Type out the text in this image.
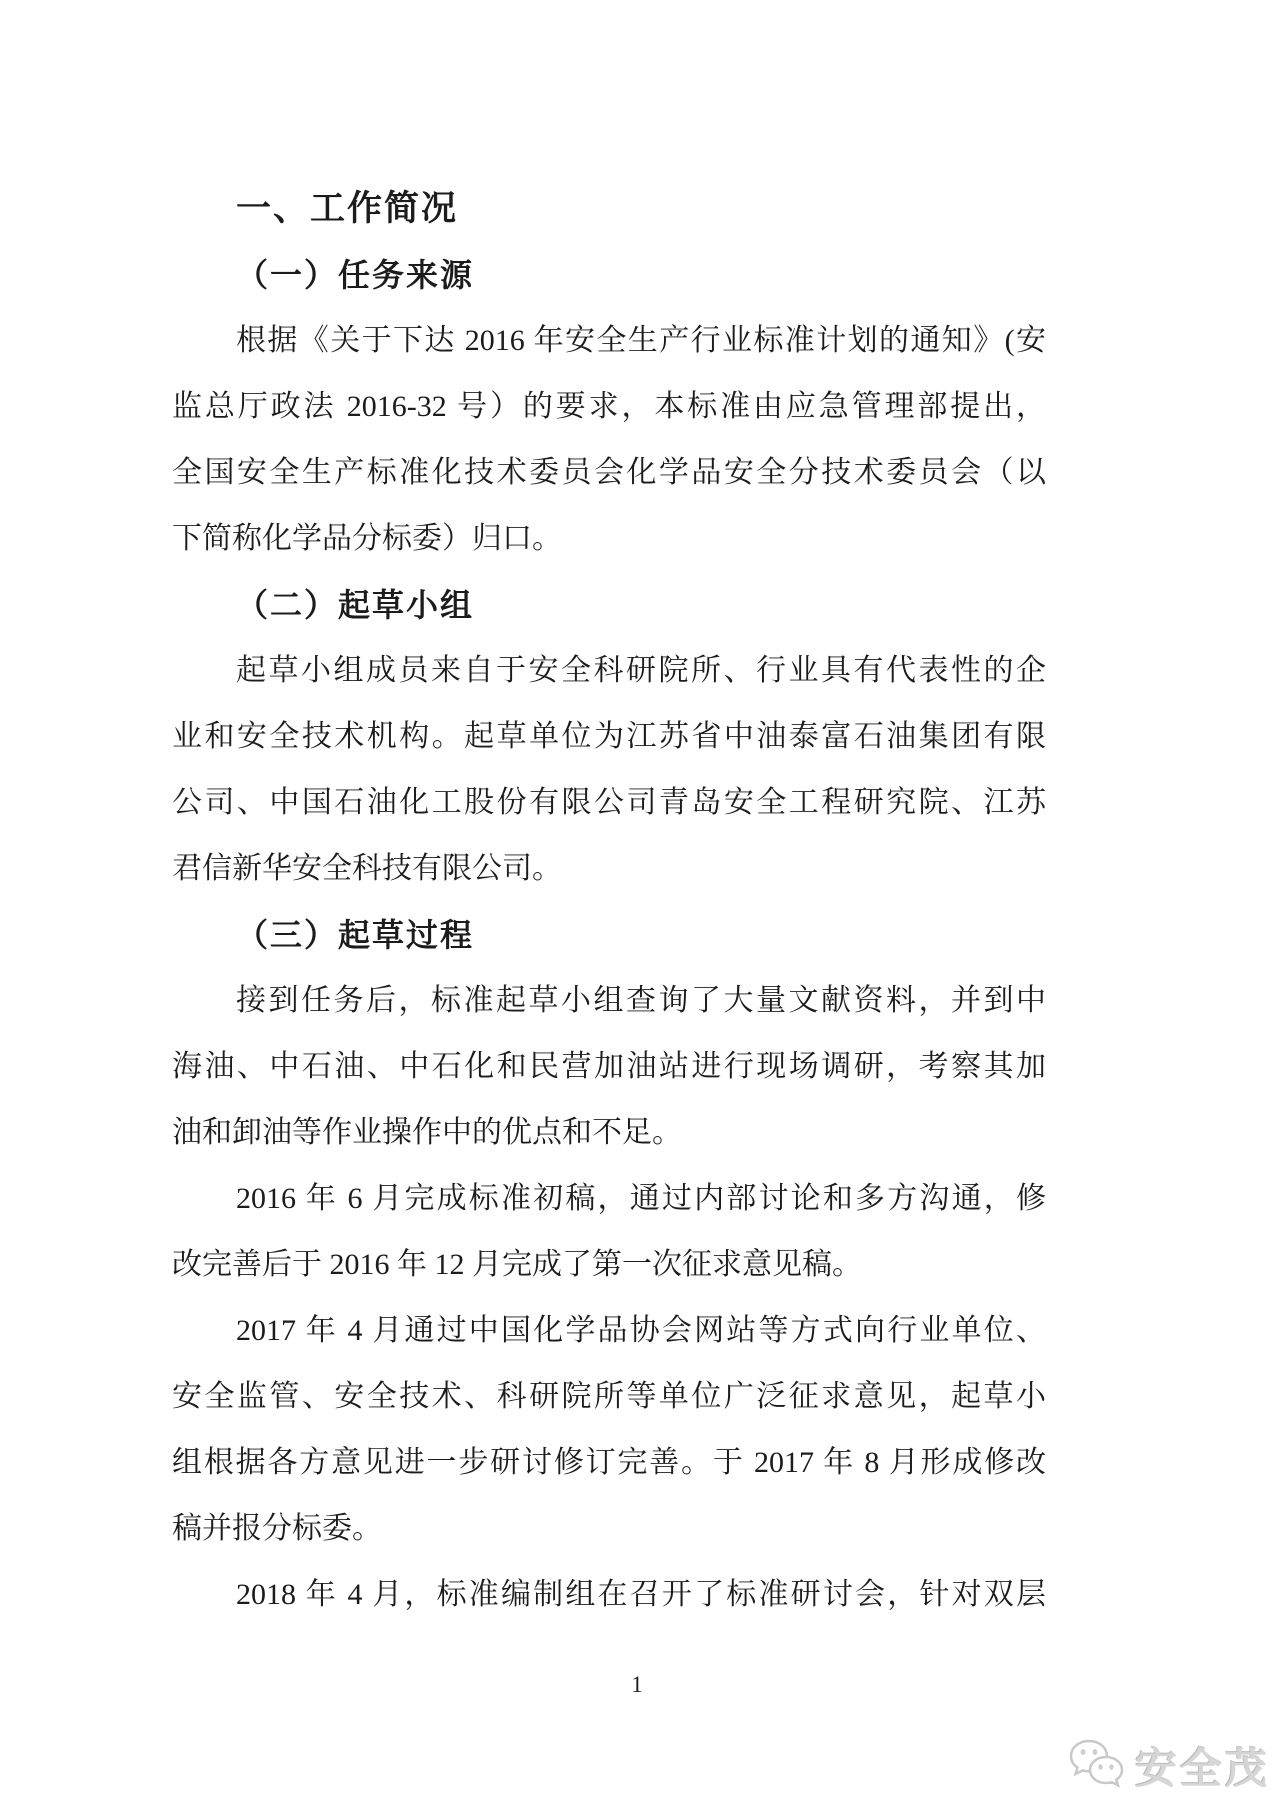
一、工作简况
（一）任务来源
根据《关于下达 2016 年安全生产行业标准计划的通知》(安
监总厅政法 2016-32 号）的要求，本标准由应急管理部提出，
全国安全生产标准化技术委员会化学品安全分技术委员会（以
下简称化学品分标委）归口。
（二）起草小组
起草小组成员来自于安全科研院所、行业具有代表性的企
业和安全技术机构。起草单位为江苏省中油泰富石油集团有限
公司、中国石油化工股份有限公司青岛安全工程研究院、江苏
君信新华安全科技有限公司。
（三）起草过程
接到任务后，标准起草小组查询了大量文献资料，并到中
海油、中石油、中石化和民营加油站进行现场调研，考察其加
油和卸油等作业操作中的优点和不足。
2016 年 6 月完成标准初稿，通过内部讨论和多方沟通，修
改完善后于 2016 年 12 月完成了第一次征求意见稿。
2017 年 4 月通过中国化学品协会网站等方式向行业单位、
安全监管、安全技术、科研院所等单位广泛征求意见，起草小
组根据各方意见进一步研讨修订完善。于 2017 年 8 月形成修改
稿并报分标委。
2018 年 4 月，标准编制组在召开了标准研讨会，针对双层
1
安全茂
